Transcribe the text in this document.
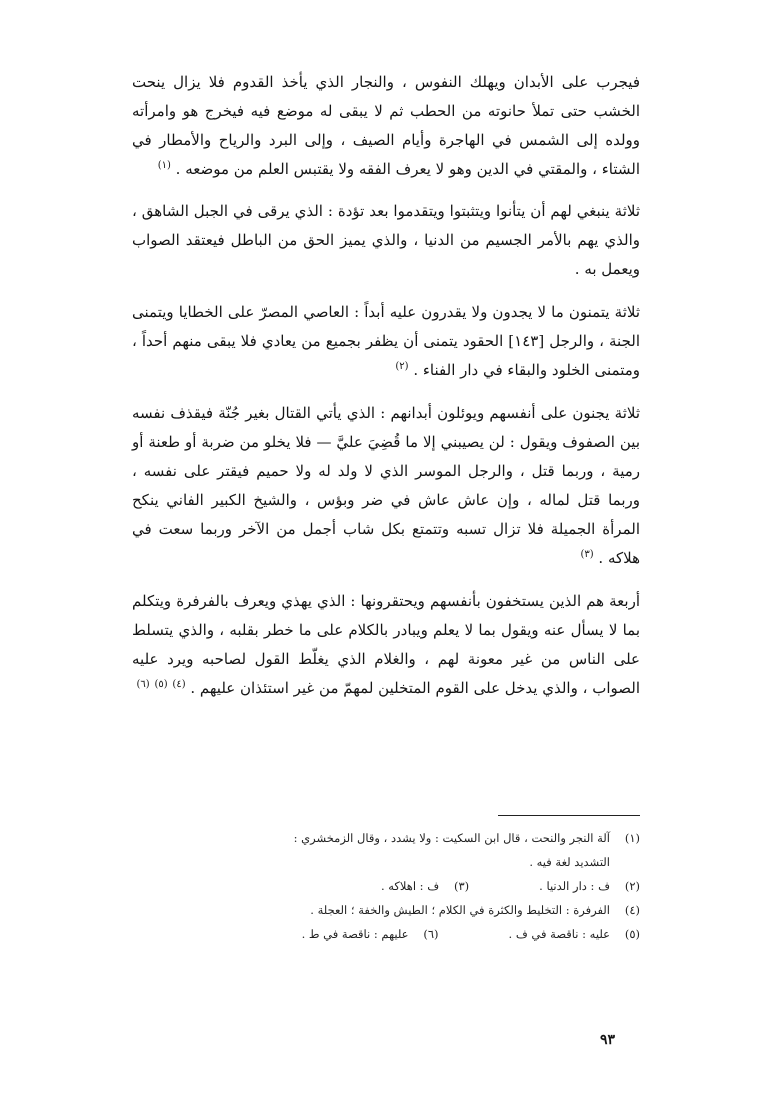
فيجرب على الأبدان ويهلك النفوس ، والنجار الذي يأخذ القدوم فلا يزال ينحت الخشب حتى تملأ حانوته من الحطب ثم لا يبقى له موضع فيه فيخرج هو وامرأته وولده إلى الشمس في الهاجرة وأيام الصيف ، وإلى البرد والرياح والأمطار في الشتاء ، والمقتي في الدين وهو لا يعرف الفقه ولا يقتبس العلم من موضعه . $^{(١)}$

ثلاثة ينبغي لهم أن يتأنوا ويتثبتوا ويتقدموا بعد تؤدة : الذي يرقى في الجبل الشاهق ، والذي يهم بالأمر الجسيم من الدنيا ، والذي يميز الحق من الباطل فيعتقد الصواب ويعمل به .

ثلاثة يتمنون ما لا يجدون ولا يقدرون عليه أبداً : العاصي المصرّ على الخطايا ويتمنى الجنة ، والرجل [١٤٣] الحقود يتمنى أن يظفر بجميع من يعادي فلا يبقى منهم أحداً ، ومتمنى الخلود والبقاء في دار الفناء . $^{(٢)}$

ثلاثة يجنون على أنفسهم ويوئلون أبدانهم : الذي يأتي القتال بغير جُنّة فيقذف نفسه بين الصفوف ويقول : لن يصيبني إلا ما قُضِيَ عليَّ — فلا يخلو من ضربة أو طعنة أو رمية ، وربما قتل ، والرجل الموسر الذي لا ولد له ولا حميم فيقتر على نفسه ، وربما قتل لماله ، وإن عاش عاش في ضر وبؤس ، والشيخ الكبير الفاني ينكح المرأة الجميلة فلا تزال تسبه وتتمتع بكل شاب أجمل من الآخر وربما سعت في هلاكه . $^{(٣)}$

أربعة هم الذين يستخفون بأنفسهم ويحتقرونها : الذي يهذي ويعرف بالفرفرة ويتكلم بما لا يسأل عنه ويقول بما لا يعلم ويبادر بالكلام على ما خطر بقلبه ، والذي يتسلط على الناس من غير معونة لهم ، والغلام الذي يغلّط القول لصاحبه ويرد عليه الصواب ، والذي يدخل على القوم المتخلين لمهمّ من غير استئذان عليهم . $^{(٤)}$ $^{(٥)}$ $^{(٦)}$

(١)
آلة النجر والنحت ، قال ابن السكيت : ولا يشدد ، وقال الزمخشري :
التشديد لغة فيه .
(٢)
ف : دار الدنيا .
(٣)
ف : اهلاكه .
(٤)
الفرفرة : التخليط والكثرة في الكلام ؛ الطيش والخفة ؛ العجلة .
(٥)
عليه : ناقصة في ف .
(٦)
عليهم : ناقصة في ط .
٩٣
